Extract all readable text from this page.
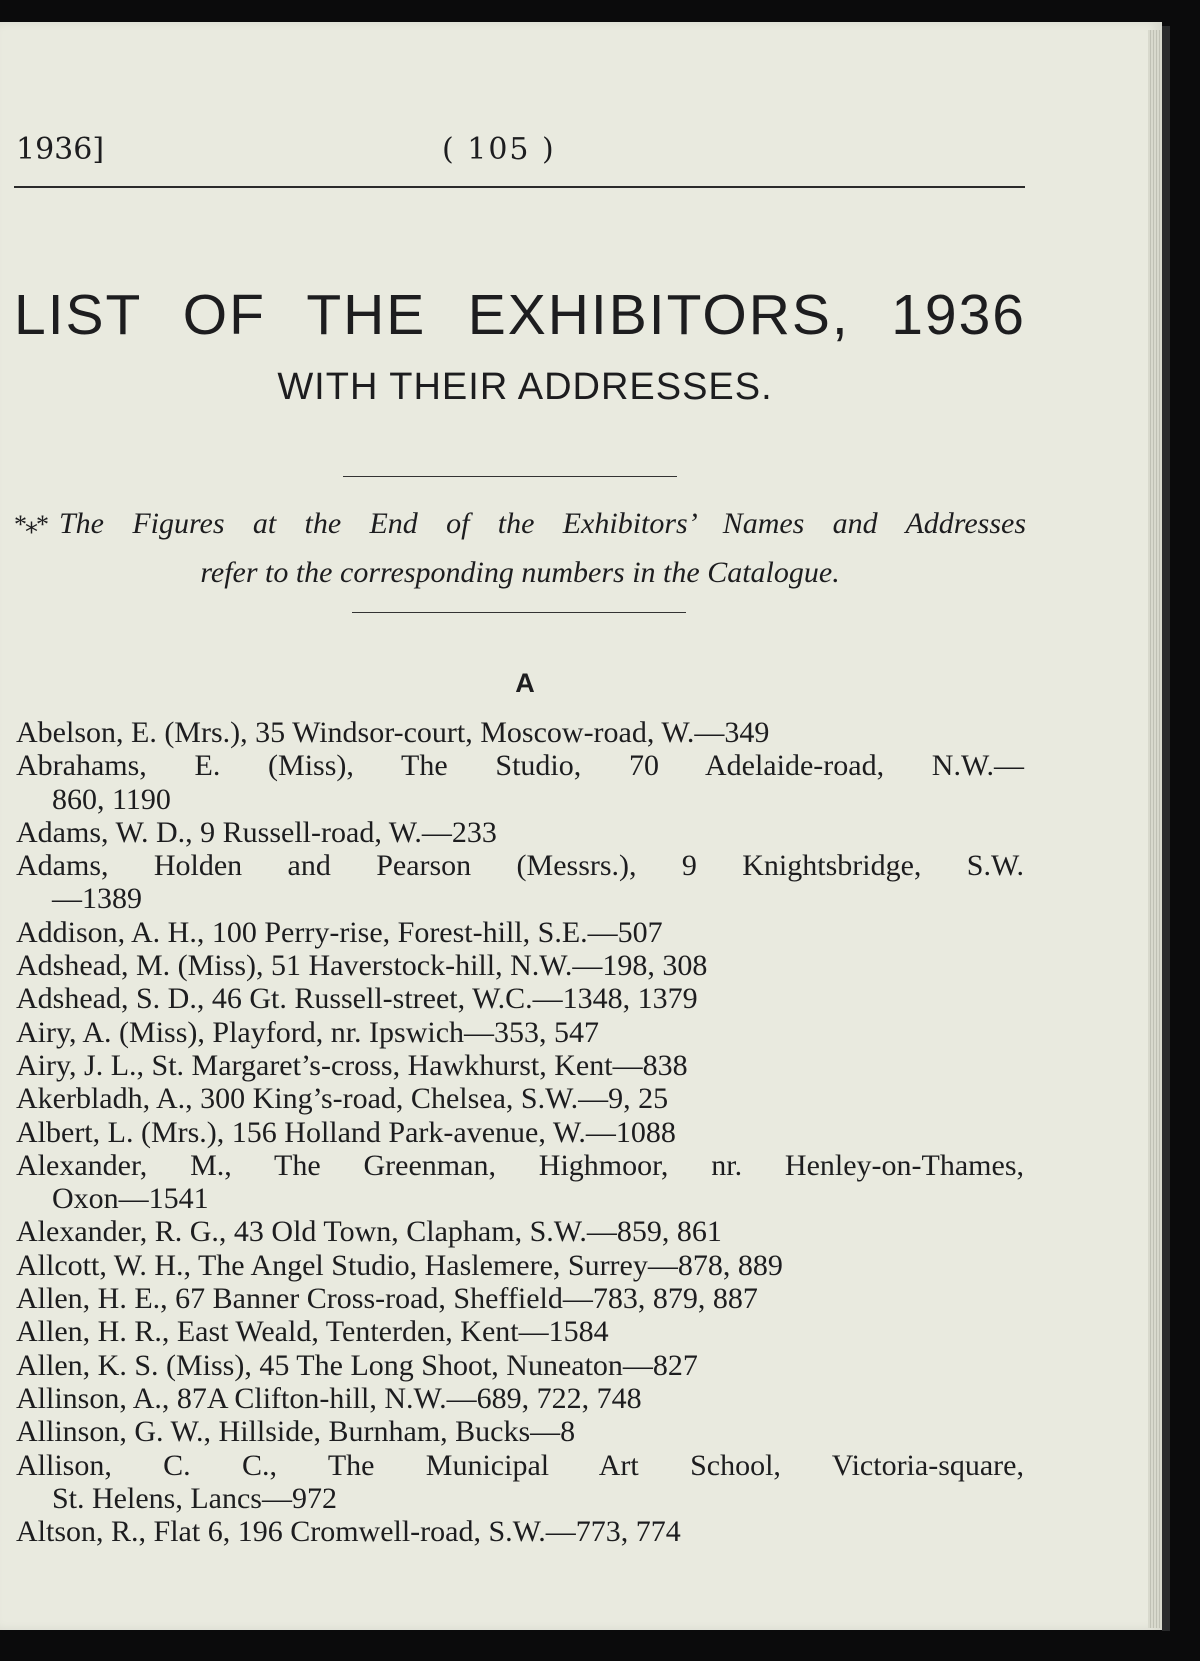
1936]	( 105 )
LIST OF THE EXHIBITORS, 1936
WITH THEIR ADDRESSES.
*⁎* The Figures at the End of the Exhibitors’ Names and Addresses
refer to the corresponding numbers in the Catalogue.
A
Abelson, E. (Mrs.), 35 Windsor-court, Moscow-road, W.—349
Abrahams, E. (Miss), The Studio, 70 Adelaide-road, N.W.—
860, 1190
Adams, W. D., 9 Russell-road, W.—233
Adams, Holden and Pearson (Messrs.), 9 Knightsbridge, S.W.
—1389
Addison, A. H., 100 Perry-rise, Forest-hill, S.E.—507
Adshead, M. (Miss), 51 Haverstock-hill, N.W.—198, 308
Adshead, S. D., 46 Gt. Russell-street, W.C.—1348, 1379
Airy, A. (Miss), Playford, nr. Ipswich—353, 547
Airy, J. L., St. Margaret’s-cross, Hawkhurst, Kent—838
Akerbladh, A., 300 King’s-road, Chelsea, S.W.—9, 25
Albert, L. (Mrs.), 156 Holland Park-avenue, W.—1088
Alexander, M., The Greenman, Highmoor, nr. Henley-on-Thames,
Oxon—1541
Alexander, R. G., 43 Old Town, Clapham, S.W.—859, 861
Allcott, W. H., The Angel Studio, Haslemere, Surrey—878, 889
Allen, H. E., 67 Banner Cross-road, Sheffield—783, 879, 887
Allen, H. R., East Weald, Tenterden, Kent—1584
Allen, K. S. (Miss), 45 The Long Shoot, Nuneaton—827
Allinson, A., 87A Clifton-hill, N.W.—689, 722, 748
Allinson, G. W., Hillside, Burnham, Bucks—8
Allison, C. C., The Municipal Art School, Victoria-square,
St. Helens, Lancs—972
Altson, R., Flat 6, 196 Cromwell-road, S.W.—773, 774
